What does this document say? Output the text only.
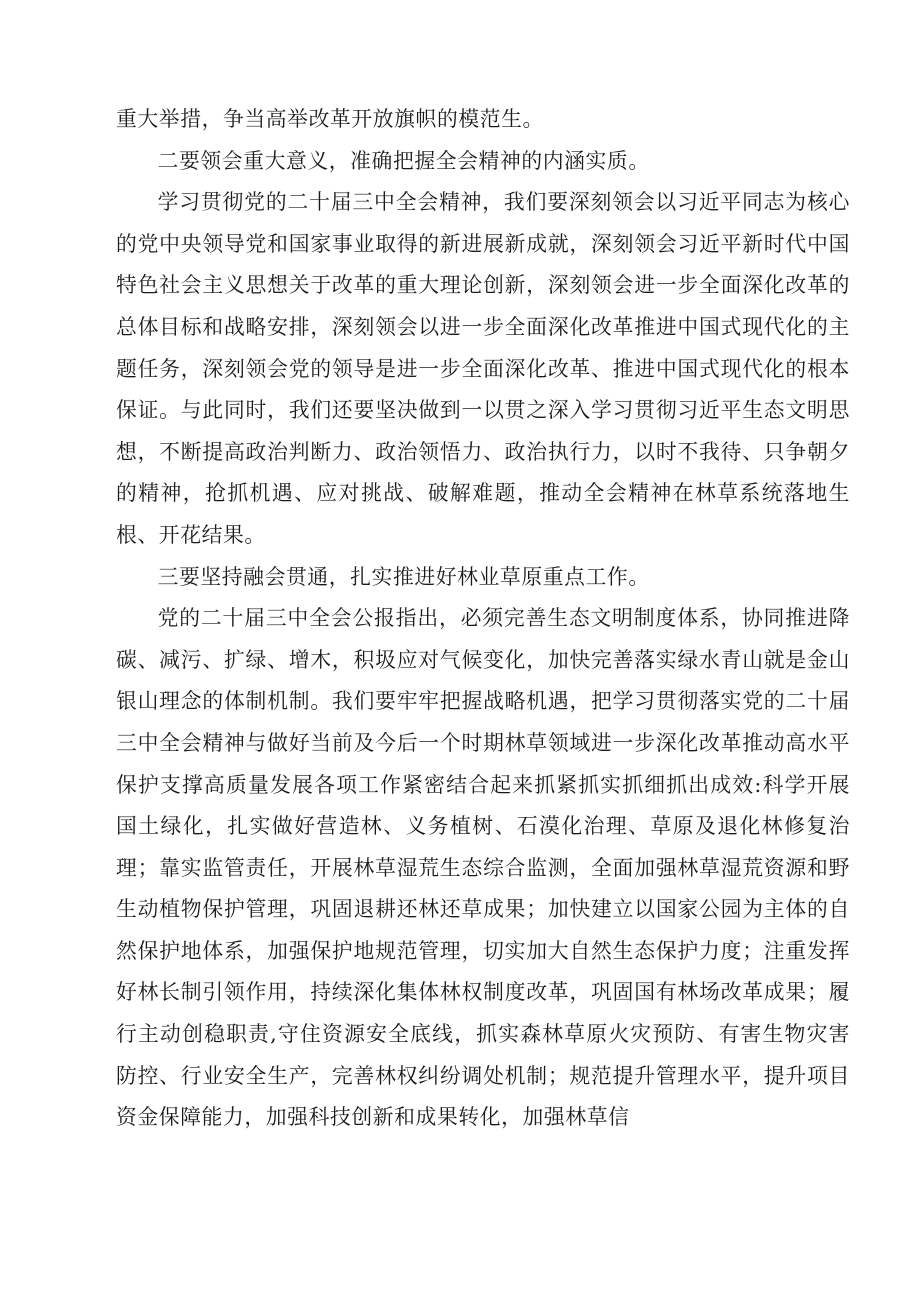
重大举措，争当高举改革开放旗帜的模范生。

二要领会重大意义，准确把握全会精神的内涵实质。

学习贯彻党的二十届三中全会精神，我们要深刻领会以习近平同志为核心的党中央领导党和国家事业取得的新进展新成就，深刻领会习近平新时代中国特色社会主义思想关于改革的重大理论创新，深刻领会进一步全面深化改革的总体目标和战略安排，深刻领会以进一步全面深化改革推进中国式现代化的主题任务，深刻领会党的领导是进一步全面深化改革、推进中国式现代化的根本保证。与此同时，我们还要坚决做到一以贯之深入学习贯彻习近平生态文明思想，不断提高政治判断力、政治领悟力、政治执行力，以时不我待、只争朝夕的精神，抢抓机遇、应对挑战、破解难题，推动全会精神在林草系统落地生根、开花结果。

三要坚持融会贯通，扎实推进好林业草原重点工作。

党的二十届三中全会公报指出，必须完善生态文明制度体系，协同推进降碳、减污、扩绿、增木，积圾应对气候变化，加快完善落实绿水青山就是金山银山理念的体制机制。我们要牢牢把握战略机遇，把学习贯彻落实党的二十届三中全会精神与做好当前及今后一个时期林草领域进一步深化改革推动高水平保护支撑高质量发展各项工作紧密结合起来抓紧抓实抓细抓出成效:科学开展国土绿化，扎实做好营造林、义务植树、石漠化治理、草原及退化林修复治理；靠实监管责任，开展林草湿荒生态综合监测，全面加强林草湿荒资源和野生动植物保护管理，巩固退耕还林还草成果；加快建立以国家公园为主体的自然保护地体系，加强保护地规范管理，切实加大自然生态保护力度；注重发挥好林长制引领作用，持续深化集体林权制度改革，巩固国有林场改革成果；履行主动创稳职责,守住资源安全底线，抓实森林草原火灾预防、有害生物灾害防控、行业安全生产，完善林权纠纷调处机制；规范提升管理水平，提升项目资金保障能力，加强科技创新和成果转化，加强林草信
